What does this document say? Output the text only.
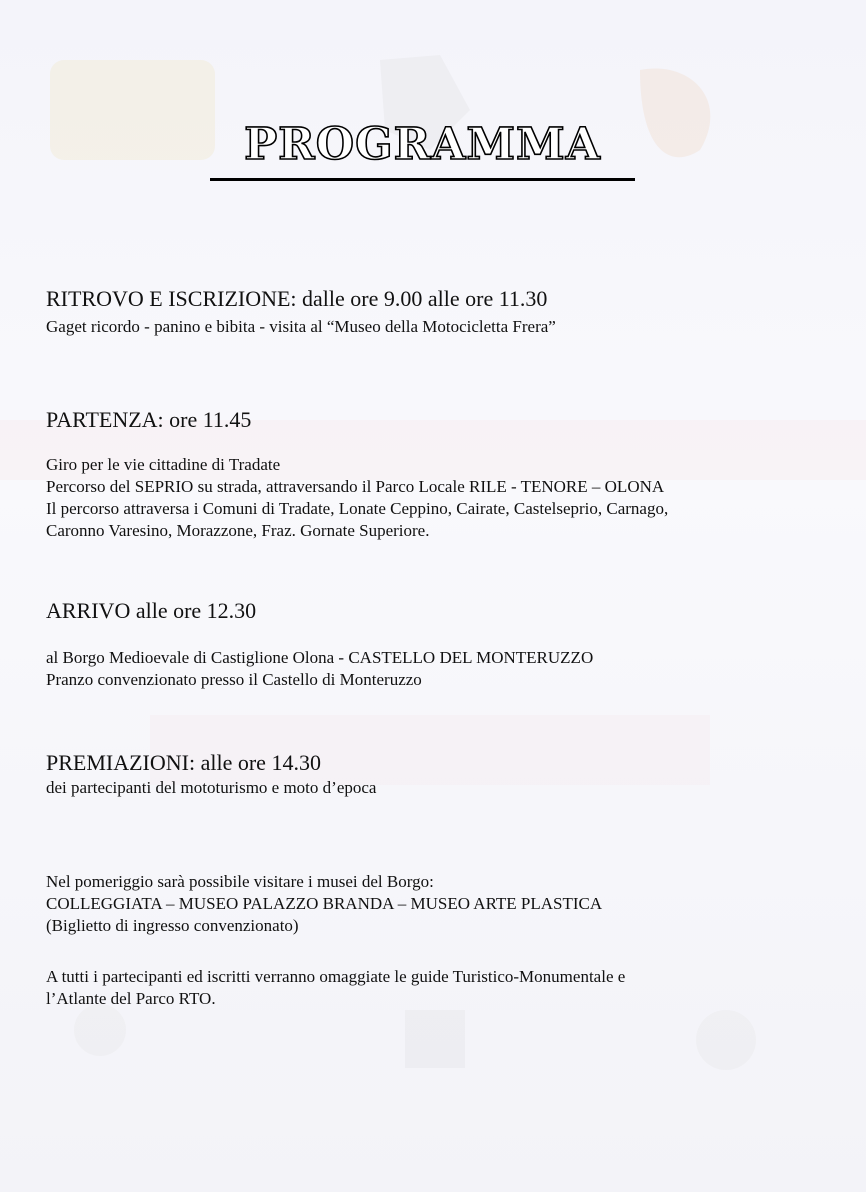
PROGRAMMA
RITROVO E ISCRIZIONE: dalle ore 9.00 alle ore 11.30
Gaget ricordo - panino e bibita - visita al “Museo della Motocicletta Frera”
PARTENZA: ore 11.45
Giro per le vie cittadine di Tradate
Percorso del SEPRIO su strada, attraversando il Parco Locale RILE - TENORE – OLONA
Il percorso attraversa i Comuni di Tradate, Lonate Ceppino, Cairate, Castelseprio, Carnago,
Caronno Varesino, Morazzone, Fraz. Gornate Superiore.
ARRIVO alle ore 12.30
al Borgo Medioevale di Castiglione Olona - CASTELLO DEL MONTERUZZO
Pranzo convenzionato presso il Castello di Monteruzzo
PREMIAZIONI: alle ore 14.30
dei partecipanti del mototurismo e moto d’epoca
Nel pomeriggio sarà possibile visitare i musei del Borgo:
COLLEGGIATA – MUSEO PALAZZO BRANDA – MUSEO ARTE PLASTICA
(Biglietto di ingresso convenzionato)
A tutti i partecipanti ed iscritti verranno omaggiate le guide Turistico-Monumentale e
l’Atlante del Parco RTO.
